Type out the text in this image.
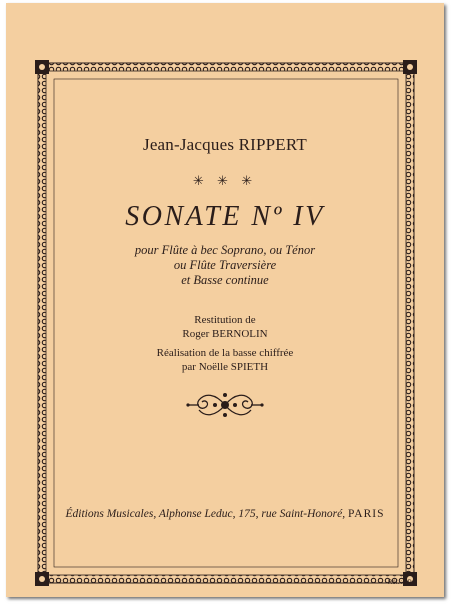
Jean-Jacques RIPPERT
✳ ✳ ✳
SONATE Nº IV
pour Flûte à bec Soprano, ou Ténor
ou Flûte Traversière
et Basse continue
Restitution de
Roger BERNOLIN
Réalisation de la basse chiffrée
par Noëlle SPIETH
Éditions Musicales, Alphonse Leduc, 175, rue Saint-Honoré, PARIS
Réf. : AP
